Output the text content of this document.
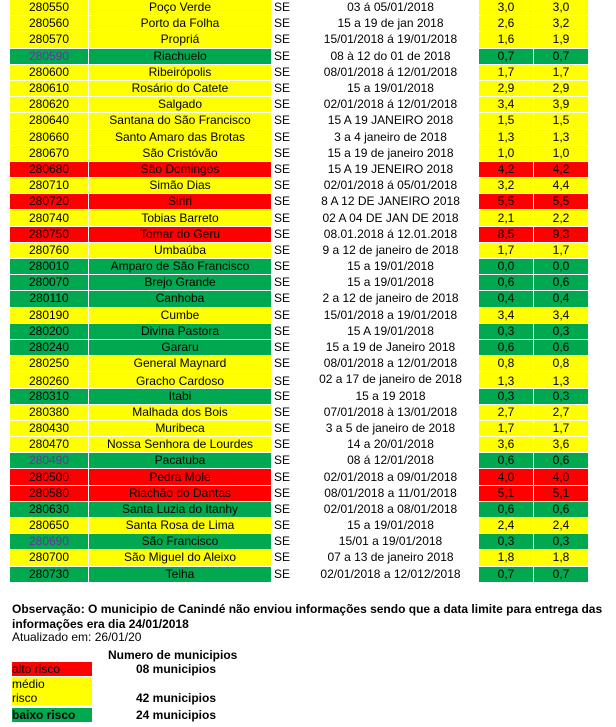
280550	Poço Verde	SE	03 á 05/01/2018		3,0	3,0
280560	Porto da Folha	SE	15 a 19 de jan 2018		2,6	3,2
280570	Propriá	SE	15/01/2018 á 19/01/2018		1,6	1,9
280590	Riachuelo	SE	08 à 12 do 01 de 2018		0,7	0,7
280600	Ribeirópolis	SE	08/01/2018 á 12/01/2018		1,7	1,7
280610	Rosário do Catete	SE	15 a 19/01/2018		2,9	2,9
280620	Salgado	SE	02/01/2018 á 12/01/2018		3,4	3,9
280640	Santana do São Francisco	SE	15 A 19 JANEIRO 2018		1,5	1,5
280660	Santo Amaro das Brotas	SE	3 a 4 janeiro de 2018		1,3	1,3
280670	São Cristóvão	SE	15 a 19 de janeiro 2018		1,0	1,0
280680	São Domingos	SE	15 A 19 JENEIRO 2018		4,2	4,2
280710	Simão Dias	SE	02/01/2018 á 05/01/2018		3,2	4,4
280720	Siriri	SE	8 A 12 DE JANEIRO 2018		5,5	5,5
280740	Tobias Barreto	SE	02 A 04 DE JAN DE 2018		2,1	2,2
280750	Tomar do Geru	SE	08.01.2018 á 12.01.2018		8,5	9,3
280760	Umbaúba	SE	9 a 12 de janeiro de 2018		1,7	1,7
280010	Amparo de São Francisco	SE	15 a 19/01/2018		0,0	0,0
280070	Brejo Grande	SE	15 a 19/01/2018		0,6	0,6
280110	Canhoba	SE	2 a 12 de janeiro de 2018		0,4	0,4
280190	Cumbe	SE	15/01/2018 a 19/01/2018		3,4	3,4
280200	Divina Pastora	SE	15 A 19/01/2018		0,3	0,3
280240	Gararu	SE	15 a 19 de Janeiro 2018		0,6	0,6
280250	General Maynard	SE	08/01/2018 a 12/01/2018		0,8	0,8
280260	Gracho Cardoso	SE	02 a 17 de janeiro de 2018		1,3	1,3
280310	Itabi	SE	15 a 19 2018		0,3	0,3
280380	Malhada dos Bois	SE	07/01/2018 à 13/01/2018		2,7	2,7
280430	Muribeca	SE	3 a 5 de janeiro de 2018		1,7	1,7
280470	Nossa Senhora de Lourdes	SE	14 a 20/01/2018		3,6	3,6
280490	Pacatuba	SE	08 á 12/01/2018		0,6	0,6
280500	Pedra Mole	SE	02/01/2018 a 09/01/2018		4,0	4,0
280580	Riachão do Dantas	SE	08/01/2018 a 11/01/2018		5,1	5,1
280630	Santa Luzia do Itanhy	SE	02/01/2018 a 08/01/2018		0,6	0,6
280650	Santa Rosa de Lima	SE	15 a 19/01/2018		2,4	2,4
280690	São Francisco	SE	15/01 a 19/01/2018		0,3	0,3
280700	São Miguel do Aleixo	SE	07 a 13 de janeiro 2018		1,8	1,8
280730	Telha	SE	02/01/2018 a 12/012/2018		0,7	0,7
Observação: O municipio de Canindé não enviou informações sendo que a data limite para entrega das informações era dia 24/01/2018
Atualizado em: 26/01/20
Numero de municipios
alto risco	08 municipios
médio
risco	42 municipios
baixo risco	24 municipios
